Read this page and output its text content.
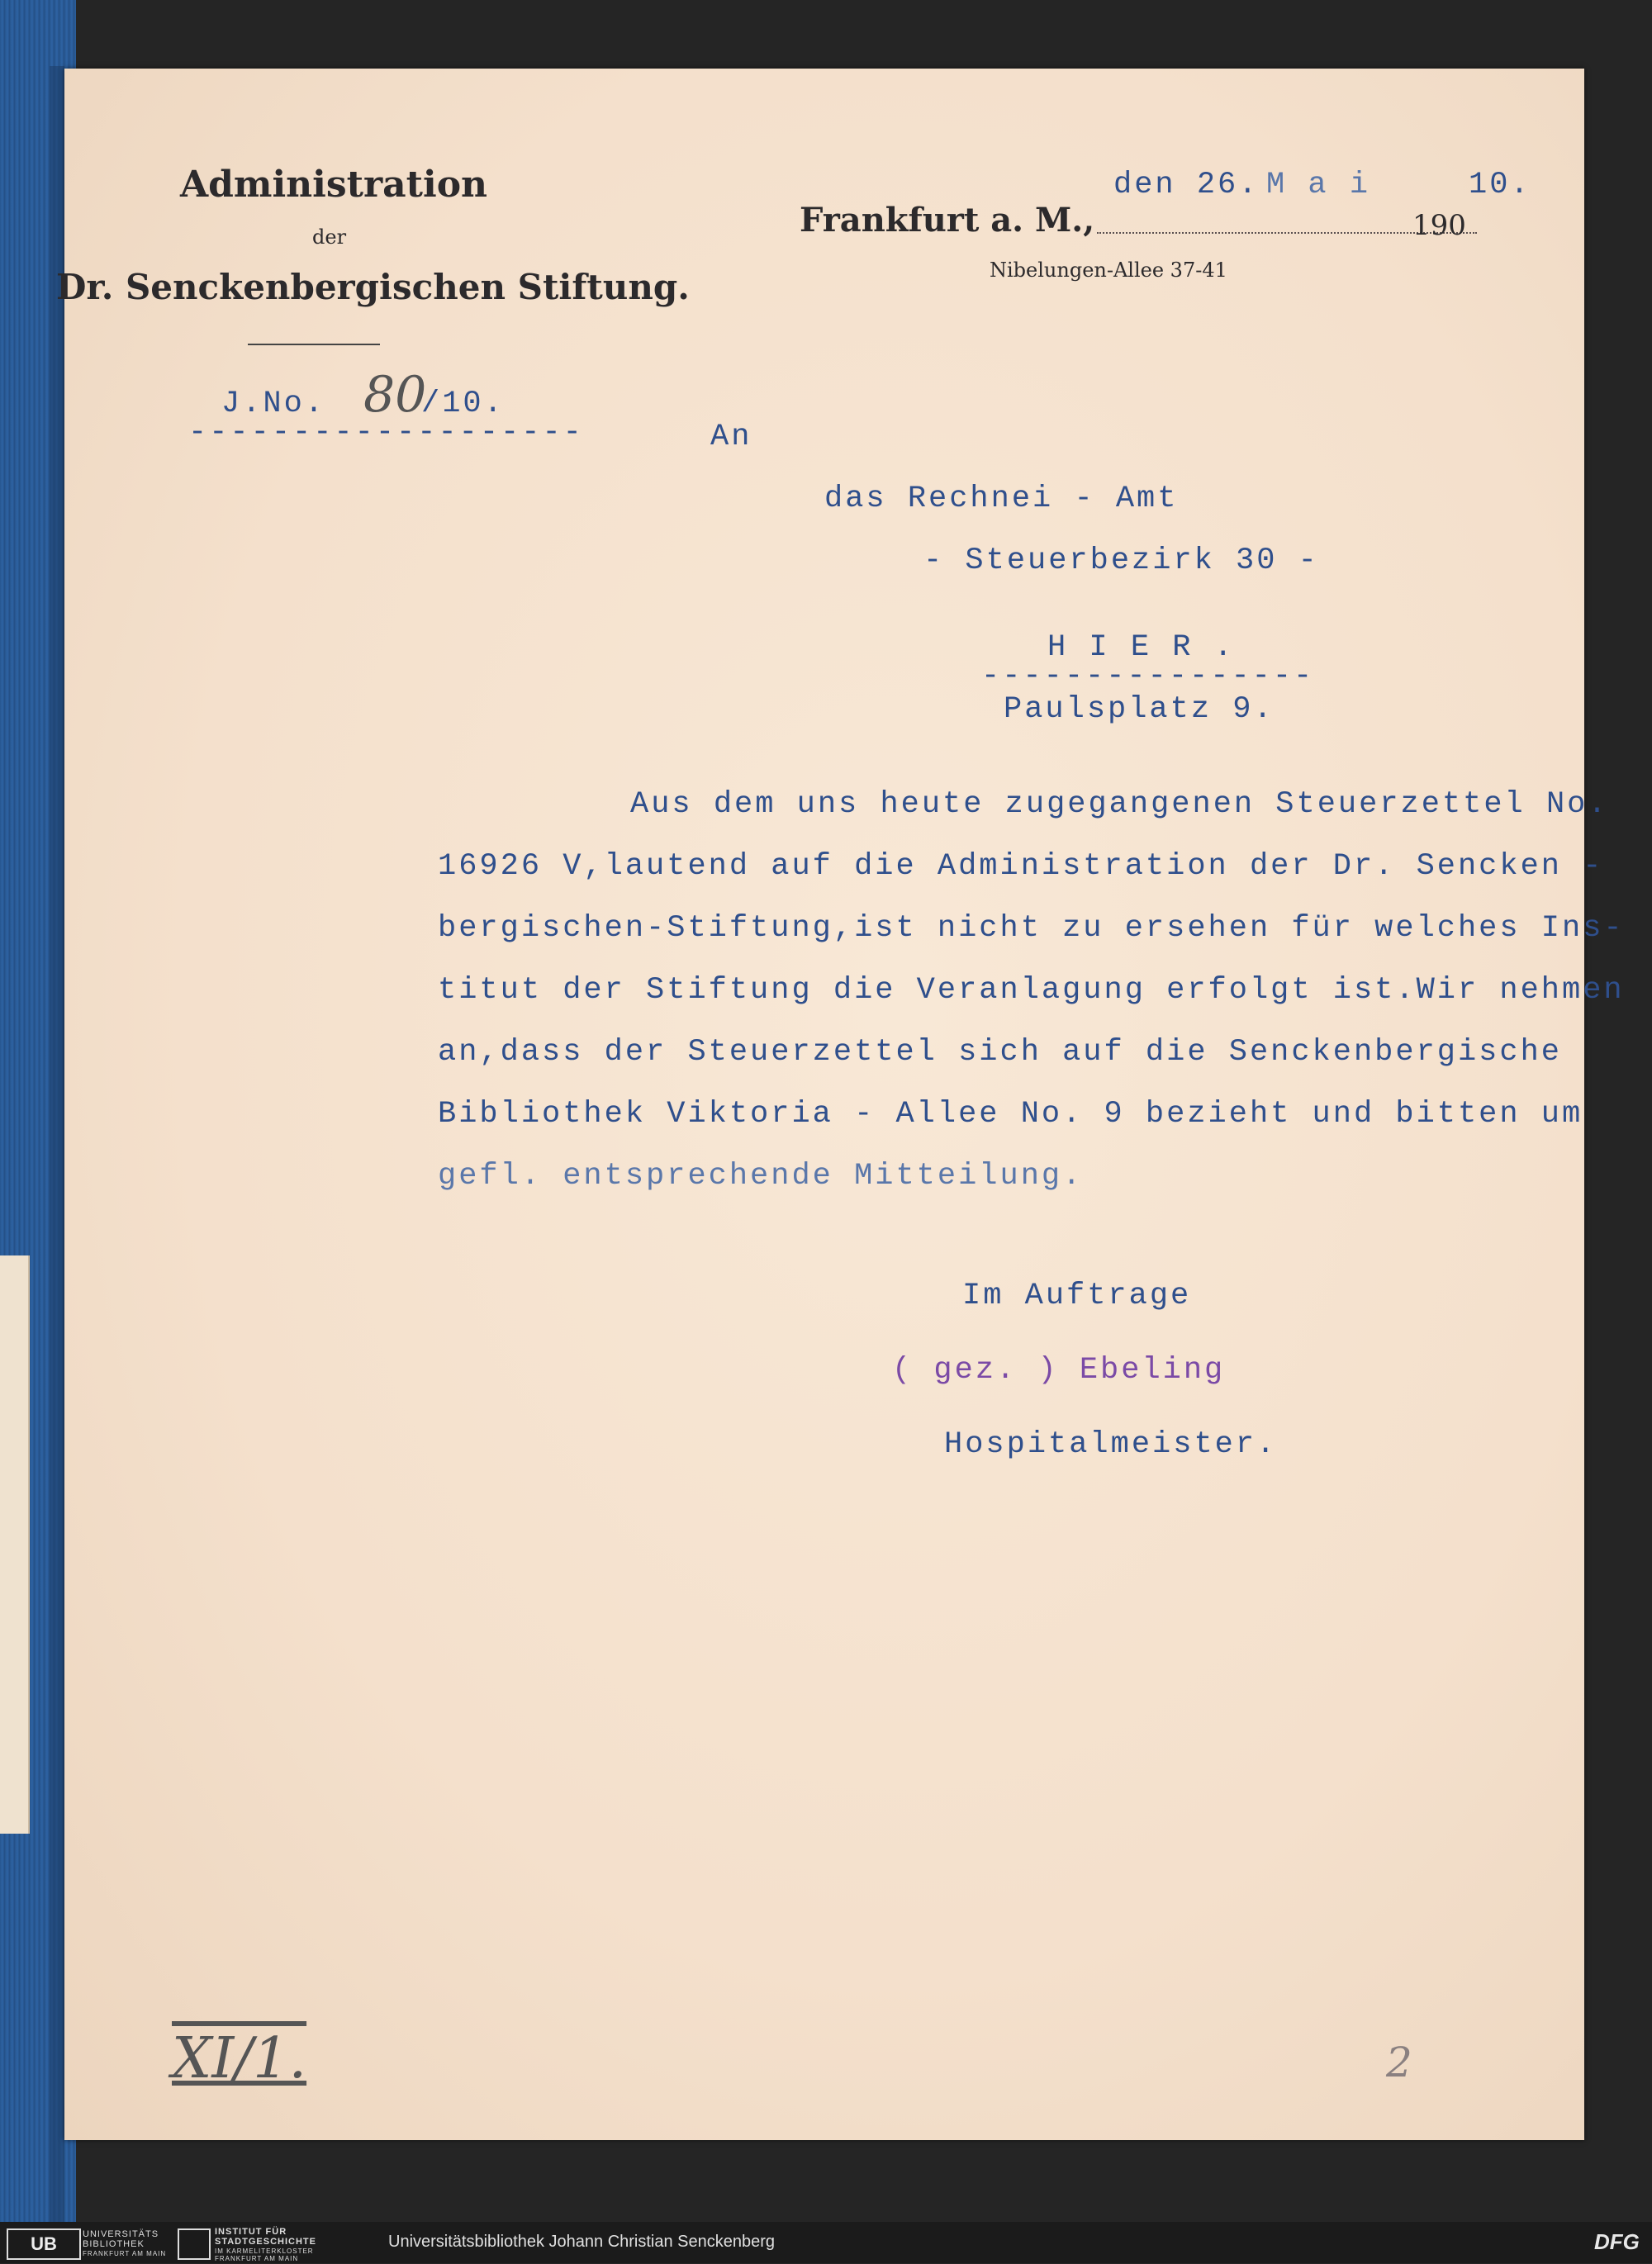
Administration
der
Dr. Senckenbergischen Stiftung.
Frankfurt a. M.,	190
Nibelungen-Allee 37-41
den 26. M a i	10.
J.No. 80
/10.
-------------------	An
das Rechnei - Amt
- Steuerbezirk 30 -
H I E R .
----------------
Paulsplatz 9.
Aus dem uns heute zugegangenen Steuerzettel No.
16926 V,lautend auf die Administration der Dr. Sencken -
bergischen-Stiftung,ist nicht zu ersehen für welches Ins-
titut der Stiftung die Veranlagung erfolgt ist.Wir nehmen
an,dass der Steuerzettel sich auf die Senckenbergische
Bibliothek Viktoria - Allee No. 9 bezieht und bitten um
gefl. entsprechende Mitteilung.
Im Auftrage
( gez. ) Ebeling
Hospitalmeister.
XI/1.	2
UB	UNIVERSITÄTS
BIBLIOTHEK
FRANKFURT AM MAIN
INSTITUT FÜR
STADTGESCHICHTE
IM KARMELITERKLOSTER
FRANKFURT AM MAIN
Universitätsbibliothek Johann Christian Senckenberg	DFG
